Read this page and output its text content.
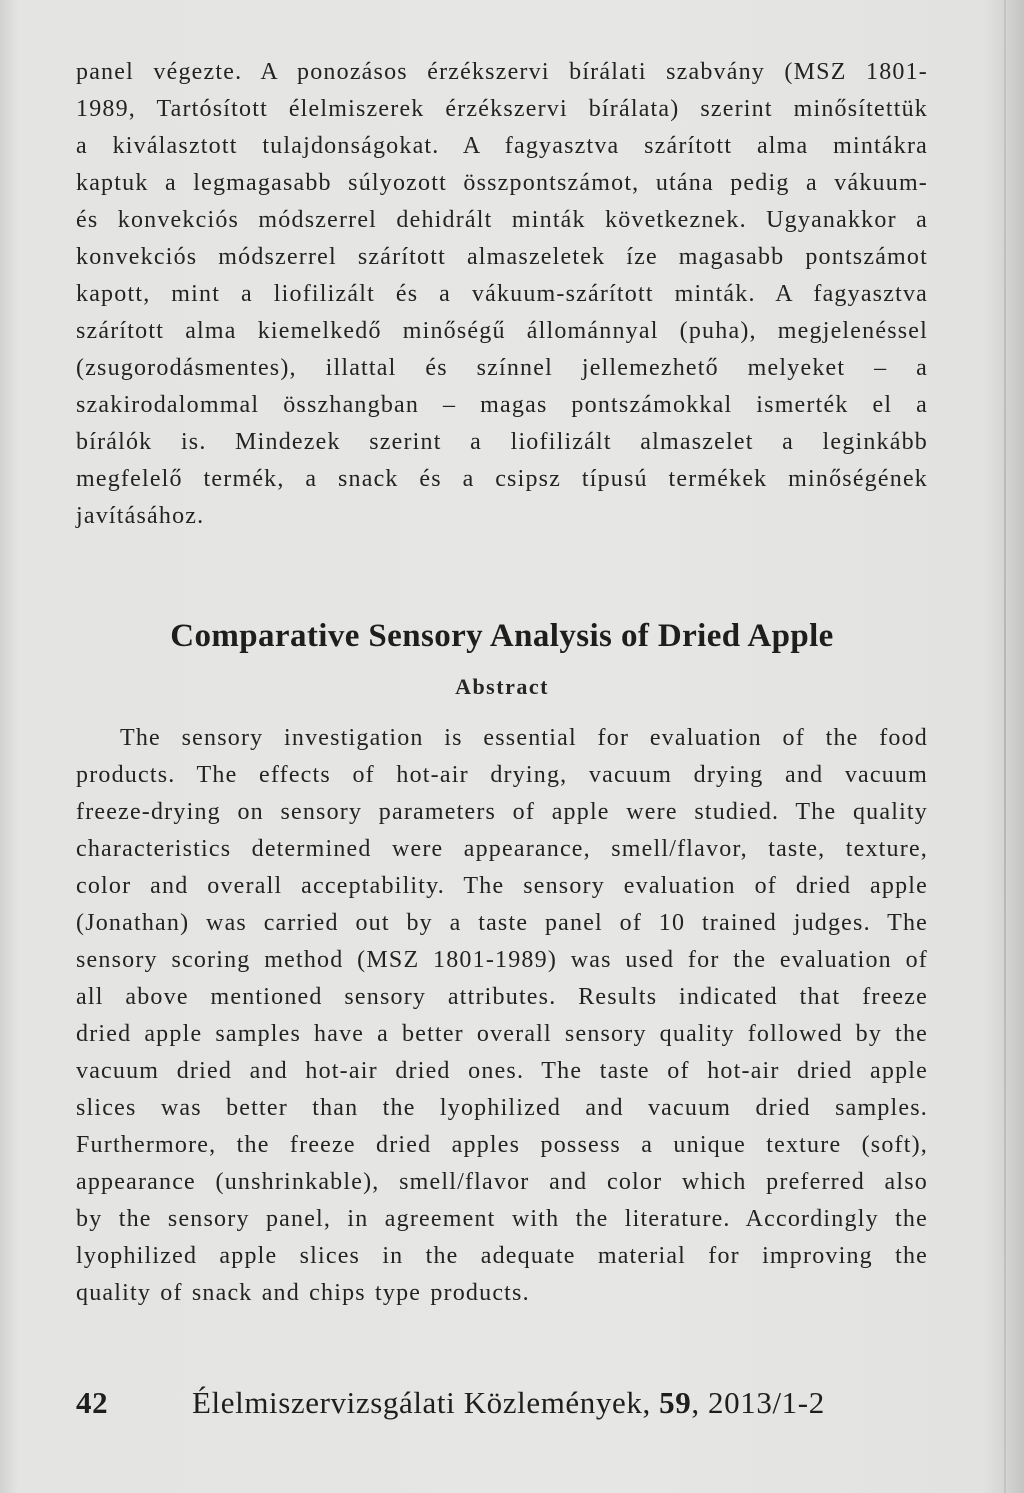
panel végezte. A ponozásos érzékszervi bírálati szabvány (MSZ 1801-
1989, Tartósított élelmiszerek érzékszervi bírálata) szerint minősítettük
a kiválasztott tulajdonságokat. A fagyasztva szárított alma mintákra
kaptuk a legmagasabb súlyozott összpontszámot, utána pedig a vákuum-
és konvekciós módszerrel dehidrált minták következnek. Ugyanakkor a
konvekciós módszerrel szárított almaszeletek íze magasabb pontszámot
kapott, mint a liofilizált és a vákuum-szárított minták. A fagyasztva
szárított alma kiemelkedő minőségű állománnyal (puha), megjelenéssel
(zsugorodásmentes), illattal és színnel jellemezhető melyeket – a
szakirodalommal összhangban – magas pontszámokkal ismerték el a
bírálók is. Mindezek szerint a liofilizált almaszelet a leginkább
megfelelő termék, a snack és a csipsz típusú termékek minőségének
javításához.
Comparative Sensory Analysis of Dried Apple
Abstract
The sensory investigation is essential for evaluation of the food
products. The effects of hot-air drying, vacuum drying and vacuum
freeze-drying on sensory parameters of apple were studied. The quality
characteristics determined were appearance, smell/flavor, taste, texture,
color and overall acceptability. The sensory evaluation of dried apple
(Jonathan) was carried out by a taste panel of 10 trained judges. The
sensory scoring method (MSZ 1801-1989) was used for the evaluation of
all above mentioned sensory attributes. Results indicated that freeze
dried apple samples have a better overall sensory quality followed by the
vacuum dried and hot-air dried ones. The taste of hot-air dried apple
slices was better than the lyophilized and vacuum dried samples.
Furthermore, the freeze dried apples possess a unique texture (soft),
appearance (unshrinkable), smell/flavor and color which preferred also
by the sensory panel, in agreement with the literature. Accordingly the
lyophilized apple slices in the adequate material for improving the
quality of snack and chips type products.
42	Élelmiszervizsgálati Közlemények, 59, 2013/1-2
